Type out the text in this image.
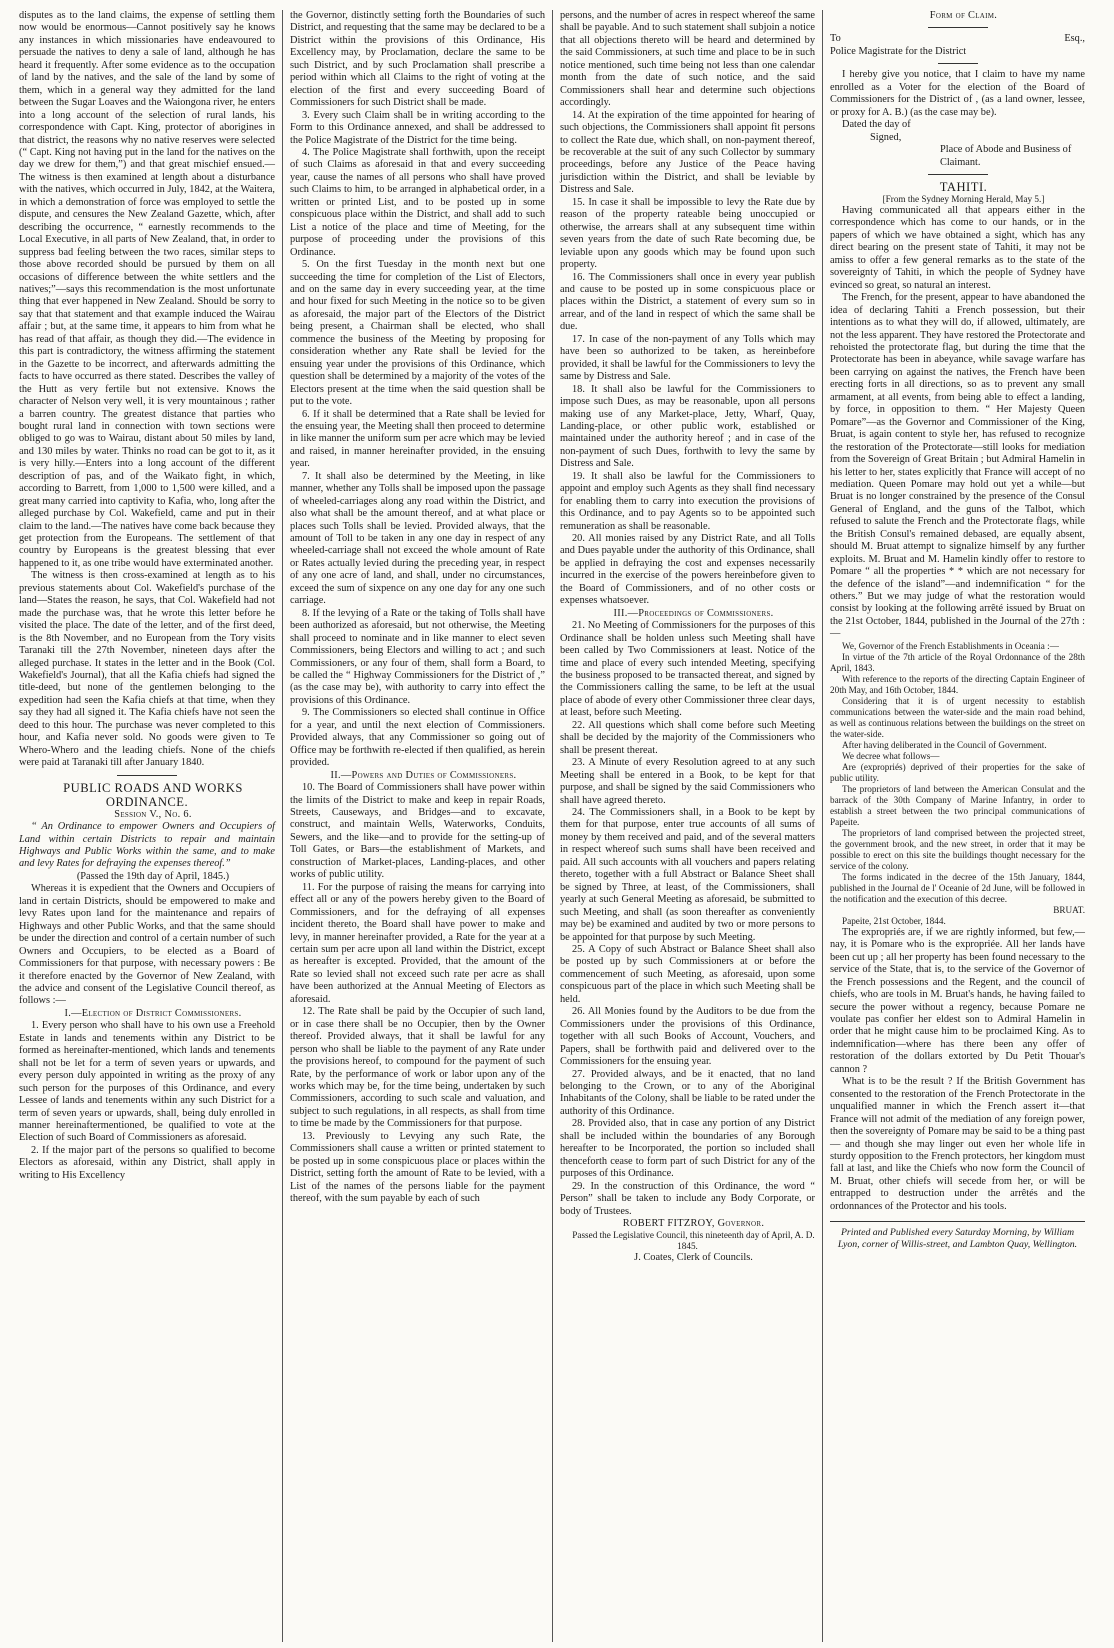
disputes as to the land claims, the expense of settling them now would be enormous—Cannot positively say he knows any instances in which missionaries have endeavoured to persuade the natives to deny a sale of land, although he has heard it frequently. After some evidence as to the occupation of land by the natives, and the sale of the land by some of them, which in a general way they admitted for the land between the Sugar Loaves and the Waiongona river, he enters into a long account of the selection of rural lands, his correspondence with Capt. King, protector of aborigines in that district, the reasons why no native reserves were selected (“ Capt. King not having put in the land for the natives on the day we drew for them,”) and that great mischief ensued.—The witness is then examined at length about a disturbance with the natives, which occurred in July, 1842, at the Waitera, in which a demonstration of force was employed to settle the dispute, and censures the New Zealand Gazette, which, after describing the occurrence, “ earnestly recommends to the Local Executive, in all parts of New Zealand, that, in order to suppress bad feeling between the two races, similar steps to those above recorded should be pursued by them on all occasions of difference between the white settlers and the natives;”—says this recommendation is the most unfortunate thing that ever happened in New Zealand. Should be sorry to say that that statement and that example induced the Wairau affair ; but, at the same time, it appears to him from what he has read of that affair, as though they did.—The evidence in this part is contradictory, the witness affirming the statement in the Gazette to be incorrect, and afterwards admitting the facts to have occurred as there stated. Describes the valley of the Hutt as very fertile but not extensive. Knows the character of Nelson very well, it is very mountainous ; rather a barren country. The greatest distance that parties who bought rural land in connection with town sections were obliged to go was to Wairau, distant about 50 miles by land, and 130 miles by water. Thinks no road can be got to it, as it is very hilly.—Enters into a long account of the different description of pas, and of the Waikato fight, in which, according to Barrett, from 1,000 to 1,500 were killed, and a great many carried into captivity to Kafia, who, long after the alleged purchase by Col. Wakefield, came and put in their claim to the land.—The natives have come back because they get protection from the Europeans. The settlement of that country by Europeans is the greatest blessing that ever happened to it, as one tribe would have exterminated another.

The witness is then cross-examined at length as to his previous statements about Col. Wakefield's purchase of the land—States the reason, he says, that Col. Wakefield had not made the purchase was, that he wrote this letter before he visited the place. The date of the letter, and of the first deed, is the 8th November, and no European from the Tory visits Taranaki till the 27th November, nineteen days after the alleged purchase. It states in the letter and in the Book (Col. Wakefield's Journal), that all the Kafia chiefs had signed the title-deed, but none of the gentlemen belonging to the expedition had seen the Kafia chiefs at that time, when they say they had all signed it. The Kafia chiefs have not seen the deed to this hour. The purchase was never completed to this hour, and Kafia never sold. No goods were given to Te Whero-Whero and the leading chiefs. None of the chiefs were paid at Taranaki till after January 1840.

PUBLIC ROADS AND WORKS ORDINANCE.

Session V., No. 6.

“ An Ordinance to empower Owners and Occupiers of Land within certain Districts to repair and maintain Highways and Public Works within the same, and to make and levy Rates for defraying the expenses thereof.”

(Passed the 19th day of April, 1845.)

Whereas it is expedient that the Owners and Occupiers of land in certain Districts, should be empowered to make and levy Rates upon land for the maintenance and repairs of Highways and other Public Works, and that the same should be under the direction and control of a certain number of such Owners and Occupiers, to be elected as a Board of Commissioners for that purpose, with necessary powers : Be it therefore enacted by the Governor of New Zealand, with the advice and consent of the Legislative Council thereof, as follows :—

I.—Election of District Commissioners.

1. Every person who shall have to his own use a Freehold Estate in lands and tenements within any District to be formed as hereinafter-mentioned, which lands and tenements shall not be let for a term of seven years or upwards, and every person duly appointed in writing as the proxy of any such person for the purposes of this Ordinance, and every Lessee of lands and tenements within any such District for a term of seven years or upwards, shall, being duly enrolled in manner hereinaftermentioned, be qualified to vote at the Election of such Board of Commissioners as aforesaid.

2. If the major part of the persons so qualified to become Electors as aforesaid, within any District, shall apply in writing to His Excellency

the Governor, distinctly setting forth the Boundaries of such District, and requesting that the same may be declared to be a District within the provisions of this Ordinance, His Excellency may, by Proclamation, declare the same to be such District, and by such Proclamation shall prescribe a period within which all Claims to the right of voting at the election of the first and every succeeding Board of Commissioners for such District shall be made.

3. Every such Claim shall be in writing according to the Form to this Ordinance annexed, and shall be addressed to the Police Magistrate of the District for the time being.

4. The Police Magistrate shall forthwith, upon the receipt of such Claims as aforesaid in that and every succeeding year, cause the names of all persons who shall have proved such Claims to him, to be arranged in alphabetical order, in a written or printed List, and to be posted up in some conspicuous place within the District, and shall add to such List a notice of the place and time of Meeting, for the purpose of proceeding under the provisions of this Ordinance.

5. On the first Tuesday in the month next but one succeeding the time for completion of the List of Electors, and on the same day in every succeeding year, at the time and hour fixed for such Meeting in the notice so to be given as aforesaid, the major part of the Electors of the District being present, a Chairman shall be elected, who shall commence the business of the Meeting by proposing for consideration whether any Rate shall be levied for the ensuing year under the provisions of this Ordinance, which question shall be determined by a majority of the votes of the Electors present at the time when the said question shall be put to the vote.

6. If it shall be determined that a Rate shall be levied for the ensuing year, the Meeting shall then proceed to determine in like manner the uniform sum per acre which may be levied and raised, in manner hereinafter provided, in the ensuing year.

7. It shall also be determined by the Meeting, in like manner, whether any Tolls shall be imposed upon the passage of wheeled-carriages along any road within the District, and also what shall be the amount thereof, and at what place or places such Tolls shall be levied. Provided always, that the amount of Toll to be taken in any one day in respect of any wheeled-carriage shall not exceed the whole amount of Rate or Rates actually levied during the preceding year, in respect of any one acre of land, and shall, under no circumstances, exceed the sum of sixpence on any one day for any one such carriage.

8. If the levying of a Rate or the taking of Tolls shall have been authorized as aforesaid, but not otherwise, the Meeting shall proceed to nominate and in like manner to elect seven Commissioners, being Electors and willing to act ; and such Commissioners, or any four of them, shall form a Board, to be called the “ Highway Commissioners for the District of ,” (as the case may be), with authority to carry into effect the provisions of this Ordinance.

9. The Commissioners so elected shall continue in Office for a year, and until the next election of Commissioners. Provided always, that any Commissioner so going out of Office may be forthwith re-elected if then qualified, as herein provided.

II.—Powers and Duties of Commissioners.

10. The Board of Commissioners shall have power within the limits of the District to make and keep in repair Roads, Streets, Causeways, and Bridges—and to excavate, construct, and maintain Wells, Waterworks, Conduits, Sewers, and the like—and to provide for the setting-up of Toll Gates, or Bars—the establishment of Markets, and construction of Market-places, Landing-places, and other works of public utility.

11. For the purpose of raising the means for carrying into effect all or any of the powers hereby given to the Board of Commissioners, and for the defraying of all expenses incident thereto, the Board shall have power to make and levy, in manner hereinafter provided, a Rate for the year at a certain sum per acre upon all land within the District, except as hereafter is excepted. Provided, that the amount of the Rate so levied shall not exceed such rate per acre as shall have been authorized at the Annual Meeting of Electors as aforesaid.

12. The Rate shall be paid by the Occupier of such land, or in case there shall be no Occupier, then by the Owner thereof. Provided always, that it shall be lawful for any person who shall be liable to the payment of any Rate under the provisions hereof, to compound for the payment of such Rate, by the performance of work or labor upon any of the works which may be, for the time being, undertaken by such Commissioners, according to such scale and valuation, and subject to such regulations, in all respects, as shall from time to time be made by the Commissioners for that purpose.

13. Previously to Levying any such Rate, the Commissioners shall cause a written or printed statement to be posted up in some conspicuous place or places within the District, setting forth the amount of Rate to be levied, with a List of the names of the persons liable for the payment thereof, with the sum payable by each of such

persons, and the number of acres in respect whereof the same shall be payable. And to such statement shall subjoin a notice that all objections thereto will be heard and determined by the said Commissioners, at such time and place to be in such notice mentioned, such time being not less than one calendar month from the date of such notice, and the said Commissioners shall hear and determine such objections accordingly.

14. At the expiration of the time appointed for hearing of such objections, the Commissioners shall appoint fit persons to collect the Rate due, which shall, on non-payment thereof, be recoverable at the suit of any such Collector by summary proceedings, before any Justice of the Peace having jurisdiction within the District, and shall be leviable by Distress and Sale.

15. In case it shall be impossible to levy the Rate due by reason of the property rateable being unoccupied or otherwise, the arrears shall at any subsequent time within seven years from the date of such Rate becoming due, be leviable upon any goods which may be found upon such property.

16. The Commissioners shall once in every year publish and cause to be posted up in some conspicuous place or places within the District, a statement of every sum so in arrear, and of the land in respect of which the same shall be due.

17. In case of the non-payment of any Tolls which may have been so authorized to be taken, as hereinbefore provided, it shall be lawful for the Commissioners to levy the same by Distress and Sale.

18. It shall also be lawful for the Commissioners to impose such Dues, as may be reasonable, upon all persons making use of any Market-place, Jetty, Wharf, Quay, Landing-place, or other public work, established or maintained under the authority hereof ; and in case of the non-payment of such Dues, forthwith to levy the same by Distress and Sale.

19. It shall also be lawful for the Commissioners to appoint and employ such Agents as they shall find necessary for enabling them to carry into execution the provisions of this Ordinance, and to pay Agents so to be appointed such remuneration as shall be reasonable.

20. All monies raised by any District Rate, and all Tolls and Dues payable under the authority of this Ordinance, shall be applied in defraying the cost and expenses necessarily incurred in the exercise of the powers hereinbefore given to the Board of Commissioners, and of no other costs or expenses whatsoever.

III.—Proceedings of Commissioners.

21. No Meeting of Commissioners for the purposes of this Ordinance shall be holden unless such Meeting shall have been called by Two Commissioners at least. Notice of the time and place of every such intended Meeting, specifying the business proposed to be transacted thereat, and signed by the Commissioners calling the same, to be left at the usual place of abode of every other Commissioner three clear days, at least, before such Meeting.

22. All questions which shall come before such Meeting shall be decided by the majority of the Commissioners who shall be present thereat.

23. A Minute of every Resolution agreed to at any such Meeting shall be entered in a Book, to be kept for that purpose, and shall be signed by the said Commissioners who shall have agreed thereto.

24. The Commissioners shall, in a Book to be kept by them for that purpose, enter true accounts of all sums of money by them received and paid, and of the several matters in respect whereof such sums shall have been received and paid. All such accounts with all vouchers and papers relating thereto, together with a full Abstract or Balance Sheet shall be signed by Three, at least, of the Commissioners, shall yearly at such General Meeting as aforesaid, be submitted to such Meeting, and shall (as soon thereafter as conveniently may be) be examined and audited by two or more persons to be appointed for that purpose by such Meeting.

25. A Copy of such Abstract or Balance Sheet shall also be posted up by such Commissioners at or before the commencement of such Meeting, as aforesaid, upon some conspicuous part of the place in which such Meeting shall be held.

26. All Monies found by the Auditors to be due from the Commissioners under the provisions of this Ordinance, together with all such Books of Account, Vouchers, and Papers, shall be forthwith paid and delivered over to the Commissioners for the ensuing year.

27. Provided always, and be it enacted, that no land belonging to the Crown, or to any of the Aboriginal Inhabitants of the Colony, shall be liable to be rated under the authority of this Ordinance.

28. Provided also, that in case any portion of any District shall be included within the boundaries of any Borough hereafter to be Incorporated, the portion so included shall thenceforth cease to form part of such District for any of the purposes of this Ordinance.

29. In the construction of this Ordinance, the word “ Person” shall be taken to include any Body Corporate, or body of Trustees.

ROBERT FITZROY, Governor.

Passed the Legislative Council, this nineteenth day of April, A. D. 1845.

J. Coates, Clerk of Councils.

Form of Claim.

To	Esq.,

Police Magistrate for the District

I hereby give you notice, that I claim to have my name enrolled as a Voter for the election of the Board of Commissioners for the District of , (as a land owner, lessee, or proxy for A. B.) (as the case may be).

Dated the day of

Signed,

Place of Abode and Business of Claimant.

TAHITI.

[From the Sydney Morning Herald, May 5.]

Having communicated all that appears either in the correspondence which has come to our hands, or in the papers of which we have obtained a sight, which has any direct bearing on the present state of Tahiti, it may not be amiss to offer a few general remarks as to the state of the sovereignty of Tahiti, in which the people of Sydney have evinced so great, so natural an interest.

The French, for the present, appear to have abandoned the idea of declaring Tahiti a French possession, but their intentions as to what they will do, if allowed, ultimately, are not the less apparent. They have restored the Protectorate and rehoisted the protectorate flag, but during the time that the Protectorate has been in abeyance, while savage warfare has been carrying on against the natives, the French have been erecting forts in all directions, so as to prevent any small armament, at all events, from being able to effect a landing, by force, in opposition to them. “ Her Majesty Queen Pomare”—as the Governor and Commissioner of the King, Bruat, is again content to style her, has refused to recognize the restoration of the Protectorate—still looks for mediation from the Sovereign of Great Britain ; but Admiral Hamelin in his letter to her, states explicitly that France will accept of no mediation. Queen Pomare may hold out yet a while—but Bruat is no longer constrained by the presence of the Consul General of England, and the guns of the Talbot, which refused to salute the French and the Protectorate flags, while the British Consul's remained debased, are equally absent, should M. Bruat attempt to signalize himself by any further exploits. M. Bruat and M. Hamelin kindly offer to restore to Pomare “ all the properties * * which are not necessary for the defence of the island”—and indemnification “ for the others.” But we may judge of what the restoration would consist by looking at the following arrêté issued by Bruat on the 21st October, 1844, published in the Journal of the 27th :—

We, Governor of the French Establishments in Oceania :—

In virtue of the 7th article of the Royal Ordonnance of the 28th April, 1843.

With reference to the reports of the directing Captain Engineer of 20th May, and 16th October, 1844.

Considering that it is of urgent necessity to establish communications between the water-side and the main road behind, as well as continuous relations between the buildings on the street on the water-side.

After having deliberated in the Council of Government.

We decree what follows—

Are (expropriés) deprived of their properties for the sake of public utility.

The proprietors of land between the American Consulat and the barrack of the 30th Company of Marine Infantry, in order to establish a street between the two principal communications of Papeite.

The proprietors of land comprised between the projected street, the government brook, and the new street, in order that it may be possible to erect on this site the buildings thought necessary for the service of the colony.

The forms indicated in the decree of the 15th January, 1844, published in the Journal de l' Oceanie of 2d June, will be followed in the notification and the execution of this decree.

BRUAT.

Papeite, 21st October, 1844.

The expropriés are, if we are rightly informed, but few,—nay, it is Pomare who is the expropriée. All her lands have been cut up ; all her property has been found necessary to the service of the State, that is, to the service of the Governor of the French possessions and the Regent, and the council of chiefs, who are tools in M. Bruat's hands, he having failed to secure the power without a regency, because Pomare ne voulate pas confier her eldest son to Admiral Hamelin in order that he might cause him to be proclaimed King. As to indemnification—where has there been any offer of restoration of the dollars extorted by Du Petit Thouar's cannon ?

What is to be the result ? If the British Government has consented to the restoration of the French Protectorate in the unqualified manner in which the French assert it—that France will not admit of the mediation of any foreign power, then the sovereignty of Pomare may be said to be a thing past— and though she may linger out even her whole life in sturdy opposition to the French protectors, her kingdom must fall at last, and like the Chiefs who now form the Council of M. Bruat, other chiefs will secede from her, or will be entrapped to destruction under the arrêtés and the ordonnances of the Protector and his tools.

Printed and Published every Saturday Morning, by William Lyon, corner of Willis-street, and Lambton Quay, Wellington.
